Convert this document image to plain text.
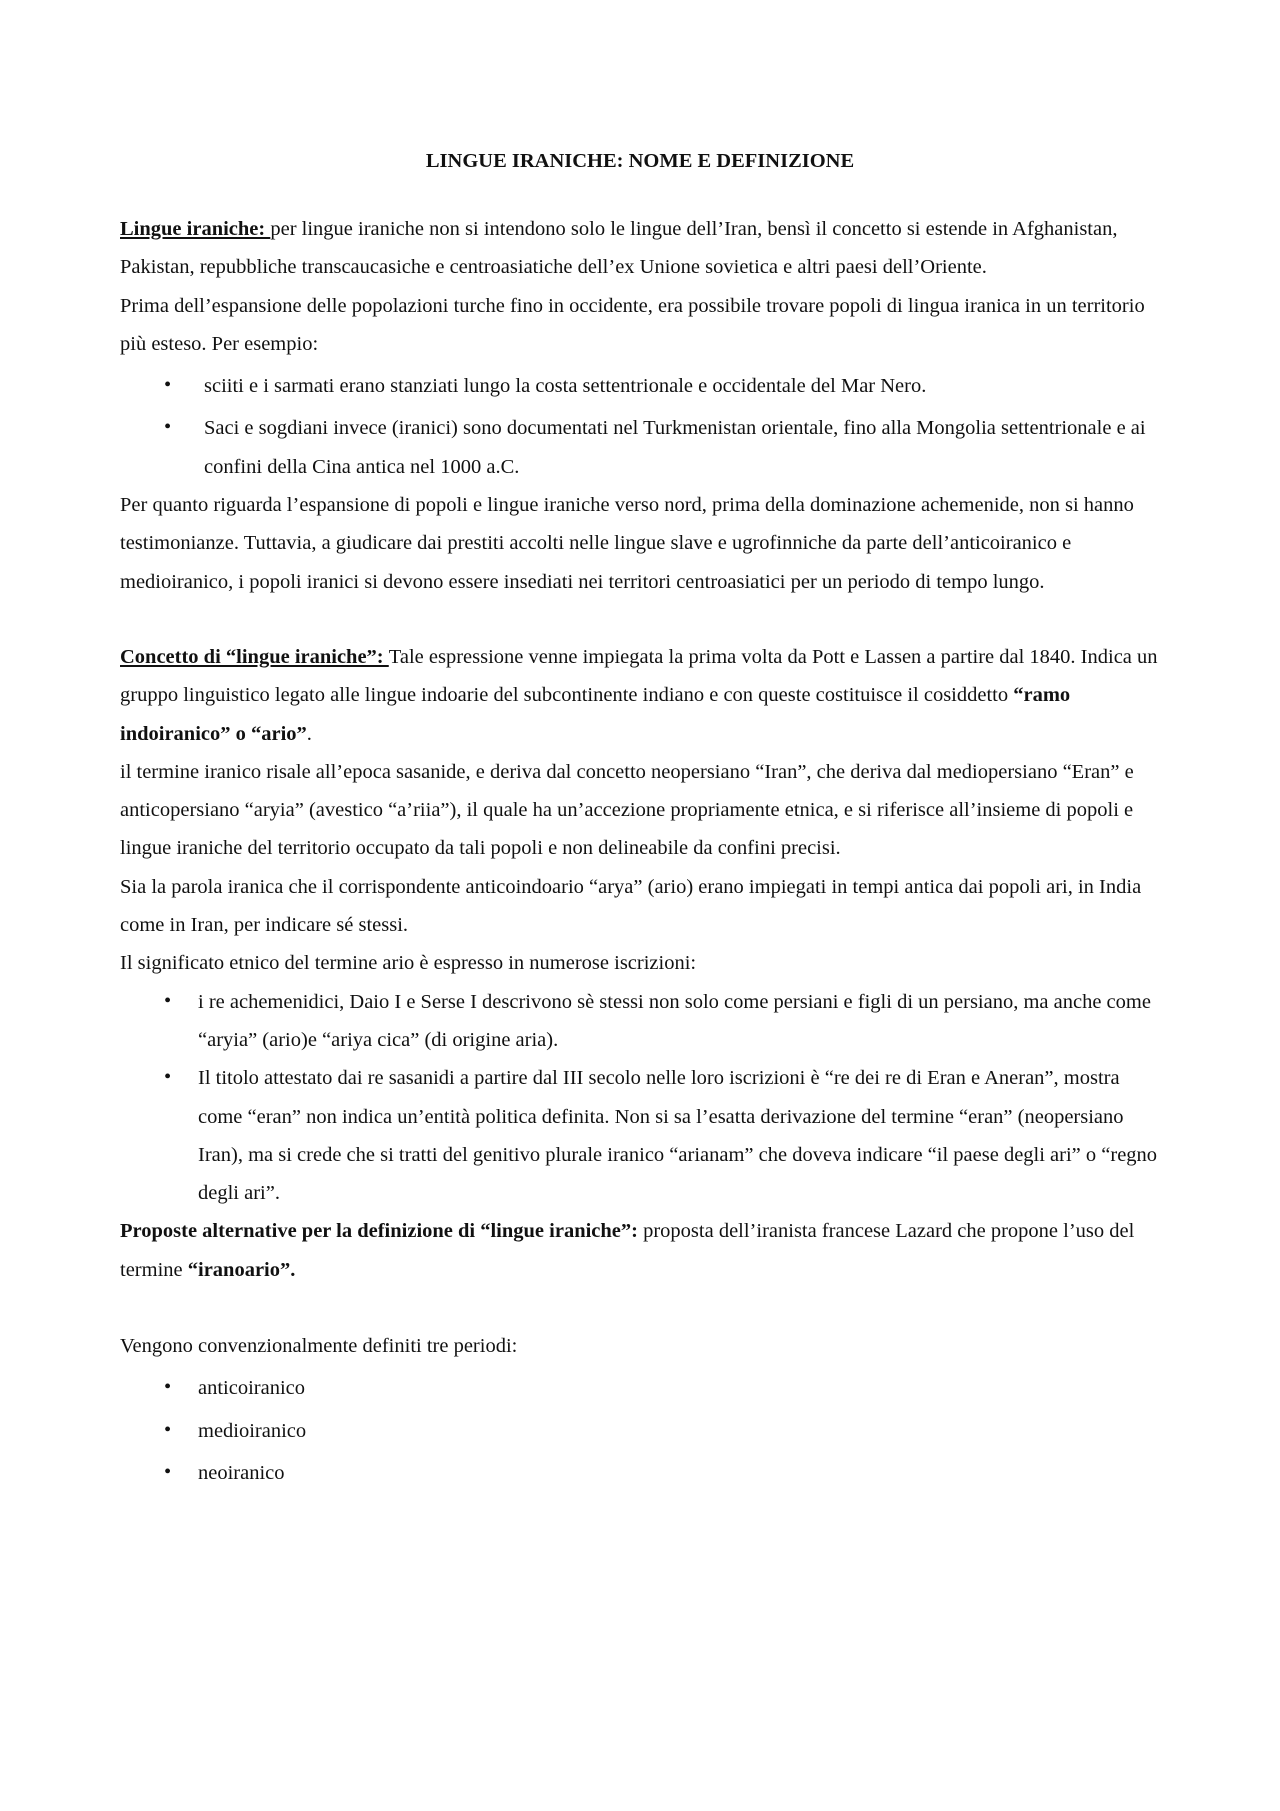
LINGUE IRANICHE: NOME E DEFINIZIONE

Lingue iraniche: per lingue iraniche non si intendono solo le lingue dell’Iran, bensì il concetto si estende in Afghanistan, Pakistan, repubbliche transcaucasiche e centroasiatiche dell’ex Unione sovietica e altri paesi dell’Oriente.

Prima dell’espansione delle popolazioni turche fino in occidente, era possibile trovare popoli di lingua iranica in un territorio più esteso. Per esempio:

•	sciiti e i sarmati erano stanziati lungo la costa settentrionale e occidentale del Mar Nero.
•	Saci e sogdiani invece (iranici) sono documentati nel Turkmenistan orientale, fino alla Mongolia settentrionale e ai confini della Cina antica nel 1000 a.C.

Per quanto riguarda l’espansione di popoli e lingue iraniche verso nord, prima della dominazione achemenide, non si hanno testimonianze. Tuttavia, a giudicare dai prestiti accolti nelle lingue slave e ugrofinniche da parte dell’anticoiranico e medioiranico, i popoli iranici si devono essere insediati nei territori centroasiatici per un periodo di tempo lungo.

Concetto di “lingue iraniche”: Tale espressione venne impiegata la prima volta da Pott e Lassen a partire dal 1840. Indica un gruppo linguistico legato alle lingue indoarie del subcontinente indiano e con queste costituisce il cosiddetto “ramo indoiranico” o “ario”.

il termine iranico risale all’epoca sasanide, e deriva dal concetto neopersiano “Iran”, che deriva dal mediopersiano “Eran” e anticopersiano “aryia” (avestico “a’riia”), il quale ha un’accezione propriamente etnica, e si riferisce all’insieme di popoli e lingue iraniche del territorio occupato da tali popoli e non delineabile da confini precisi.

Sia la parola iranica che il corrispondente anticoindoario “arya” (ario) erano impiegati in tempi antica dai popoli ari, in India come in Iran, per indicare sé stessi.

Il significato etnico del termine ario è espresso in numerose iscrizioni:

•	i re achemenidici, Daio I e Serse I descrivono sè stessi non solo come persiani e figli di un persiano, ma anche come “aryia” (ario)e “ariya cica” (di origine aria).
•	Il titolo attestato dai re sasanidi a partire dal III secolo nelle loro iscrizioni è “re dei re di Eran e Aneran”, mostra come “eran” non indica un’entità politica definita. Non si sa l’esatta derivazione del termine “eran” (neopersiano Iran), ma si crede che si tratti del genitivo plurale iranico “arianam” che doveva indicare “il paese degli ari” o “regno degli ari”.

Proposte alternative per la definizione di “lingue iraniche”: proposta dell’iranista francese Lazard che propone l’uso del termine “iranoario”.

Vengono convenzionalmente definiti tre periodi:

•	anticoiranico
•	medioiranico
•	neoiranico
